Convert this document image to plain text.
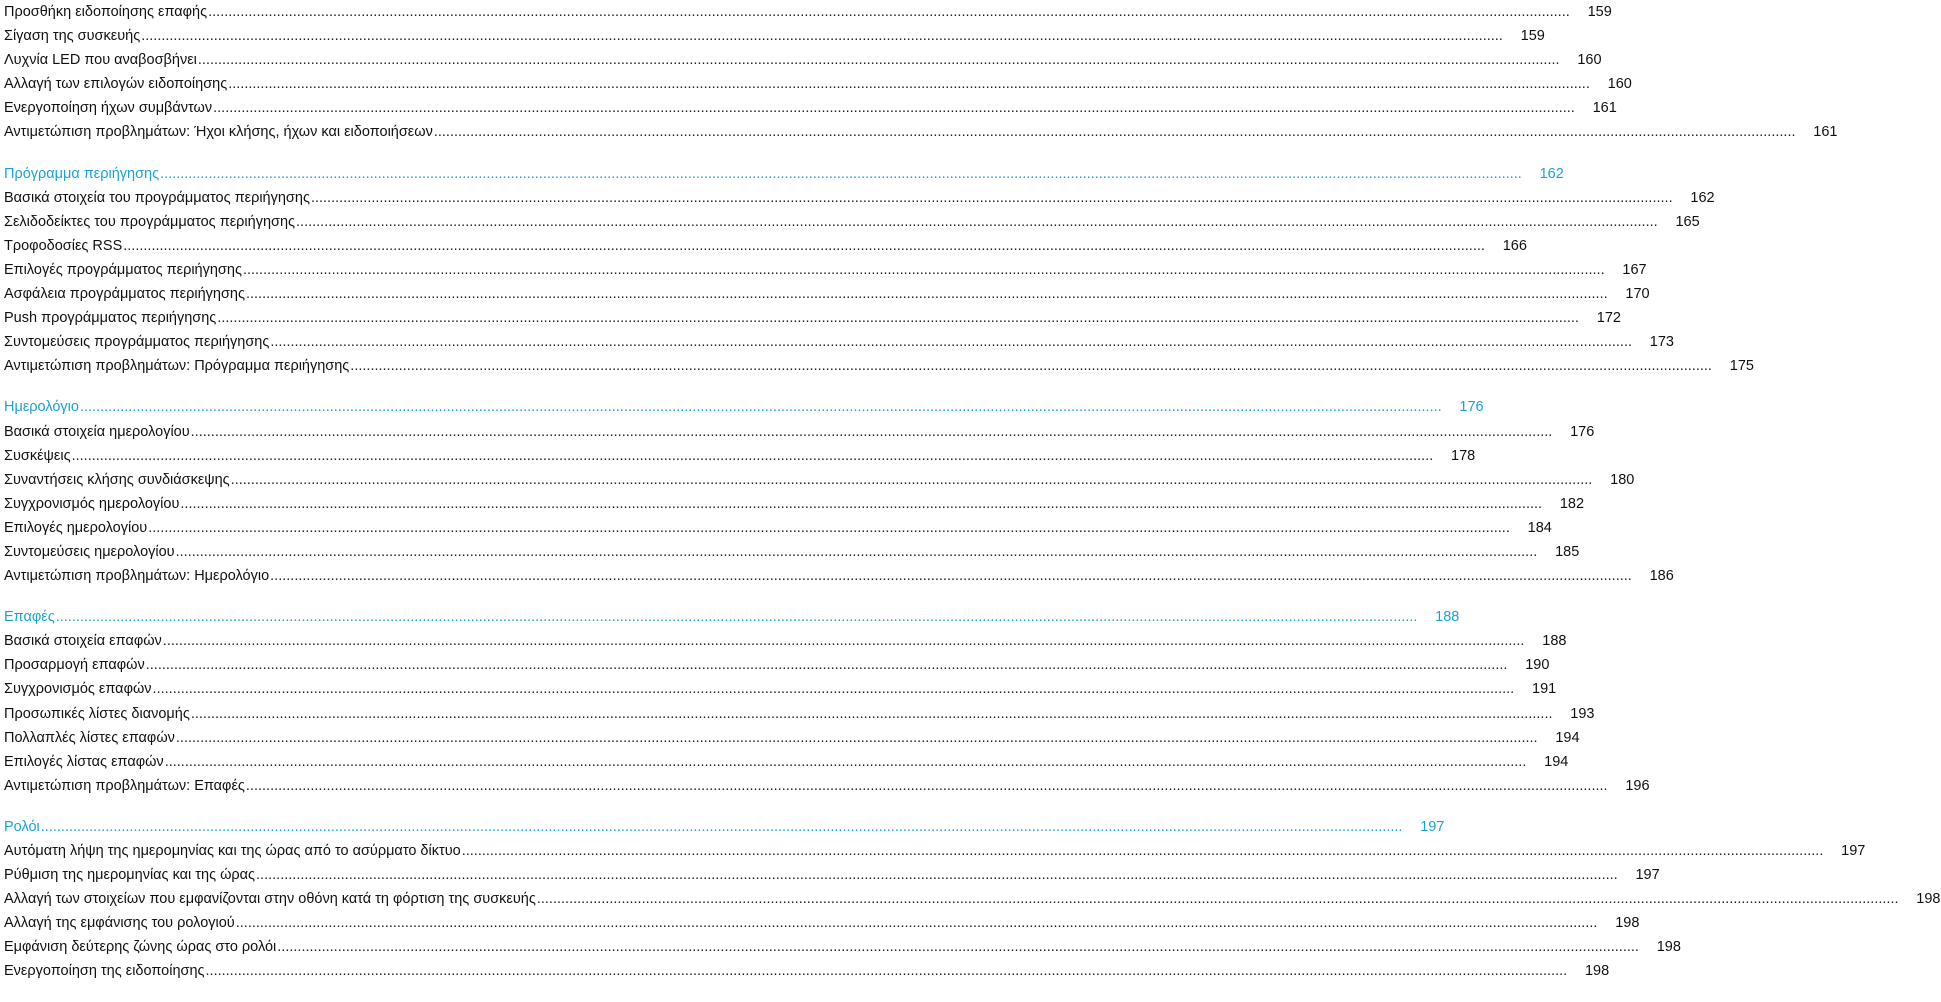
Προσθήκη ειδοποίησης επαφής .....	159
Σίγαση της συσκευής .....	159
Λυχνία LED που αναβοσβήνει .....	160
Αλλαγή των επιλογών ειδοποίησης .....	160
Ενεργοποίηση ήχων συμβάντων .....	161
Αντιμετώπιση προβλημάτων: Ήχοι κλήσης, ήχων και ειδοποιήσεων .....	161
Πρόγραμμα περιήγησης .....	162
Βασικά στοιχεία του προγράμματος περιήγησης .....	162
Σελιδοδείκτες του προγράμματος περιήγησης .....	165
Τροφοδοσίες RSS .....	166
Επιλογές προγράμματος περιήγησης .....	167
Ασφάλεια προγράμματος περιήγησης .....	170
Push προγράμματος περιήγησης .....	172
Συντομεύσεις προγράμματος περιήγησης .....	173
Αντιμετώπιση προβλημάτων: Πρόγραμμα περιήγησης .....	175
Ημερολόγιο .....	176
Βασικά στοιχεία ημερολογίου .....	176
Συσκέψεις .....	178
Συναντήσεις κλήσης συνδιάσκεψης .....	180
Συγχρονισμός ημερολογίου .....	182
Επιλογές ημερολογίου .....	184
Συντομεύσεις ημερολογίου .....	185
Αντιμετώπιση προβλημάτων: Ημερολόγιο .....	186
Επαφές .....	188
Βασικά στοιχεία επαφών .....	188
Προσαρμογή επαφών .....	190
Συγχρονισμός επαφών .....	191
Προσωπικές λίστες διανομής .....	193
Πολλαπλές λίστες επαφών .....	194
Επιλογές λίστας επαφών .....	194
Αντιμετώπιση προβλημάτων: Επαφές .....	196
Ρολόι .....	197
Αυτόματη λήψη της ημερομηνίας και της ώρας από το ασύρματο δίκτυο .....	197
Ρύθμιση της ημερομηνίας και της ώρας .....	197
Αλλαγή των στοιχείων που εμφανίζονται στην οθόνη κατά τη φόρτιση της συσκευής .....	198
Αλλαγή της εμφάνισης του ρολογιού .....	198
Εμφάνιση δεύτερης ζώνης ώρας στο ρολόι .....	198
Ενεργοποίηση της ειδοποίησης .....	198
